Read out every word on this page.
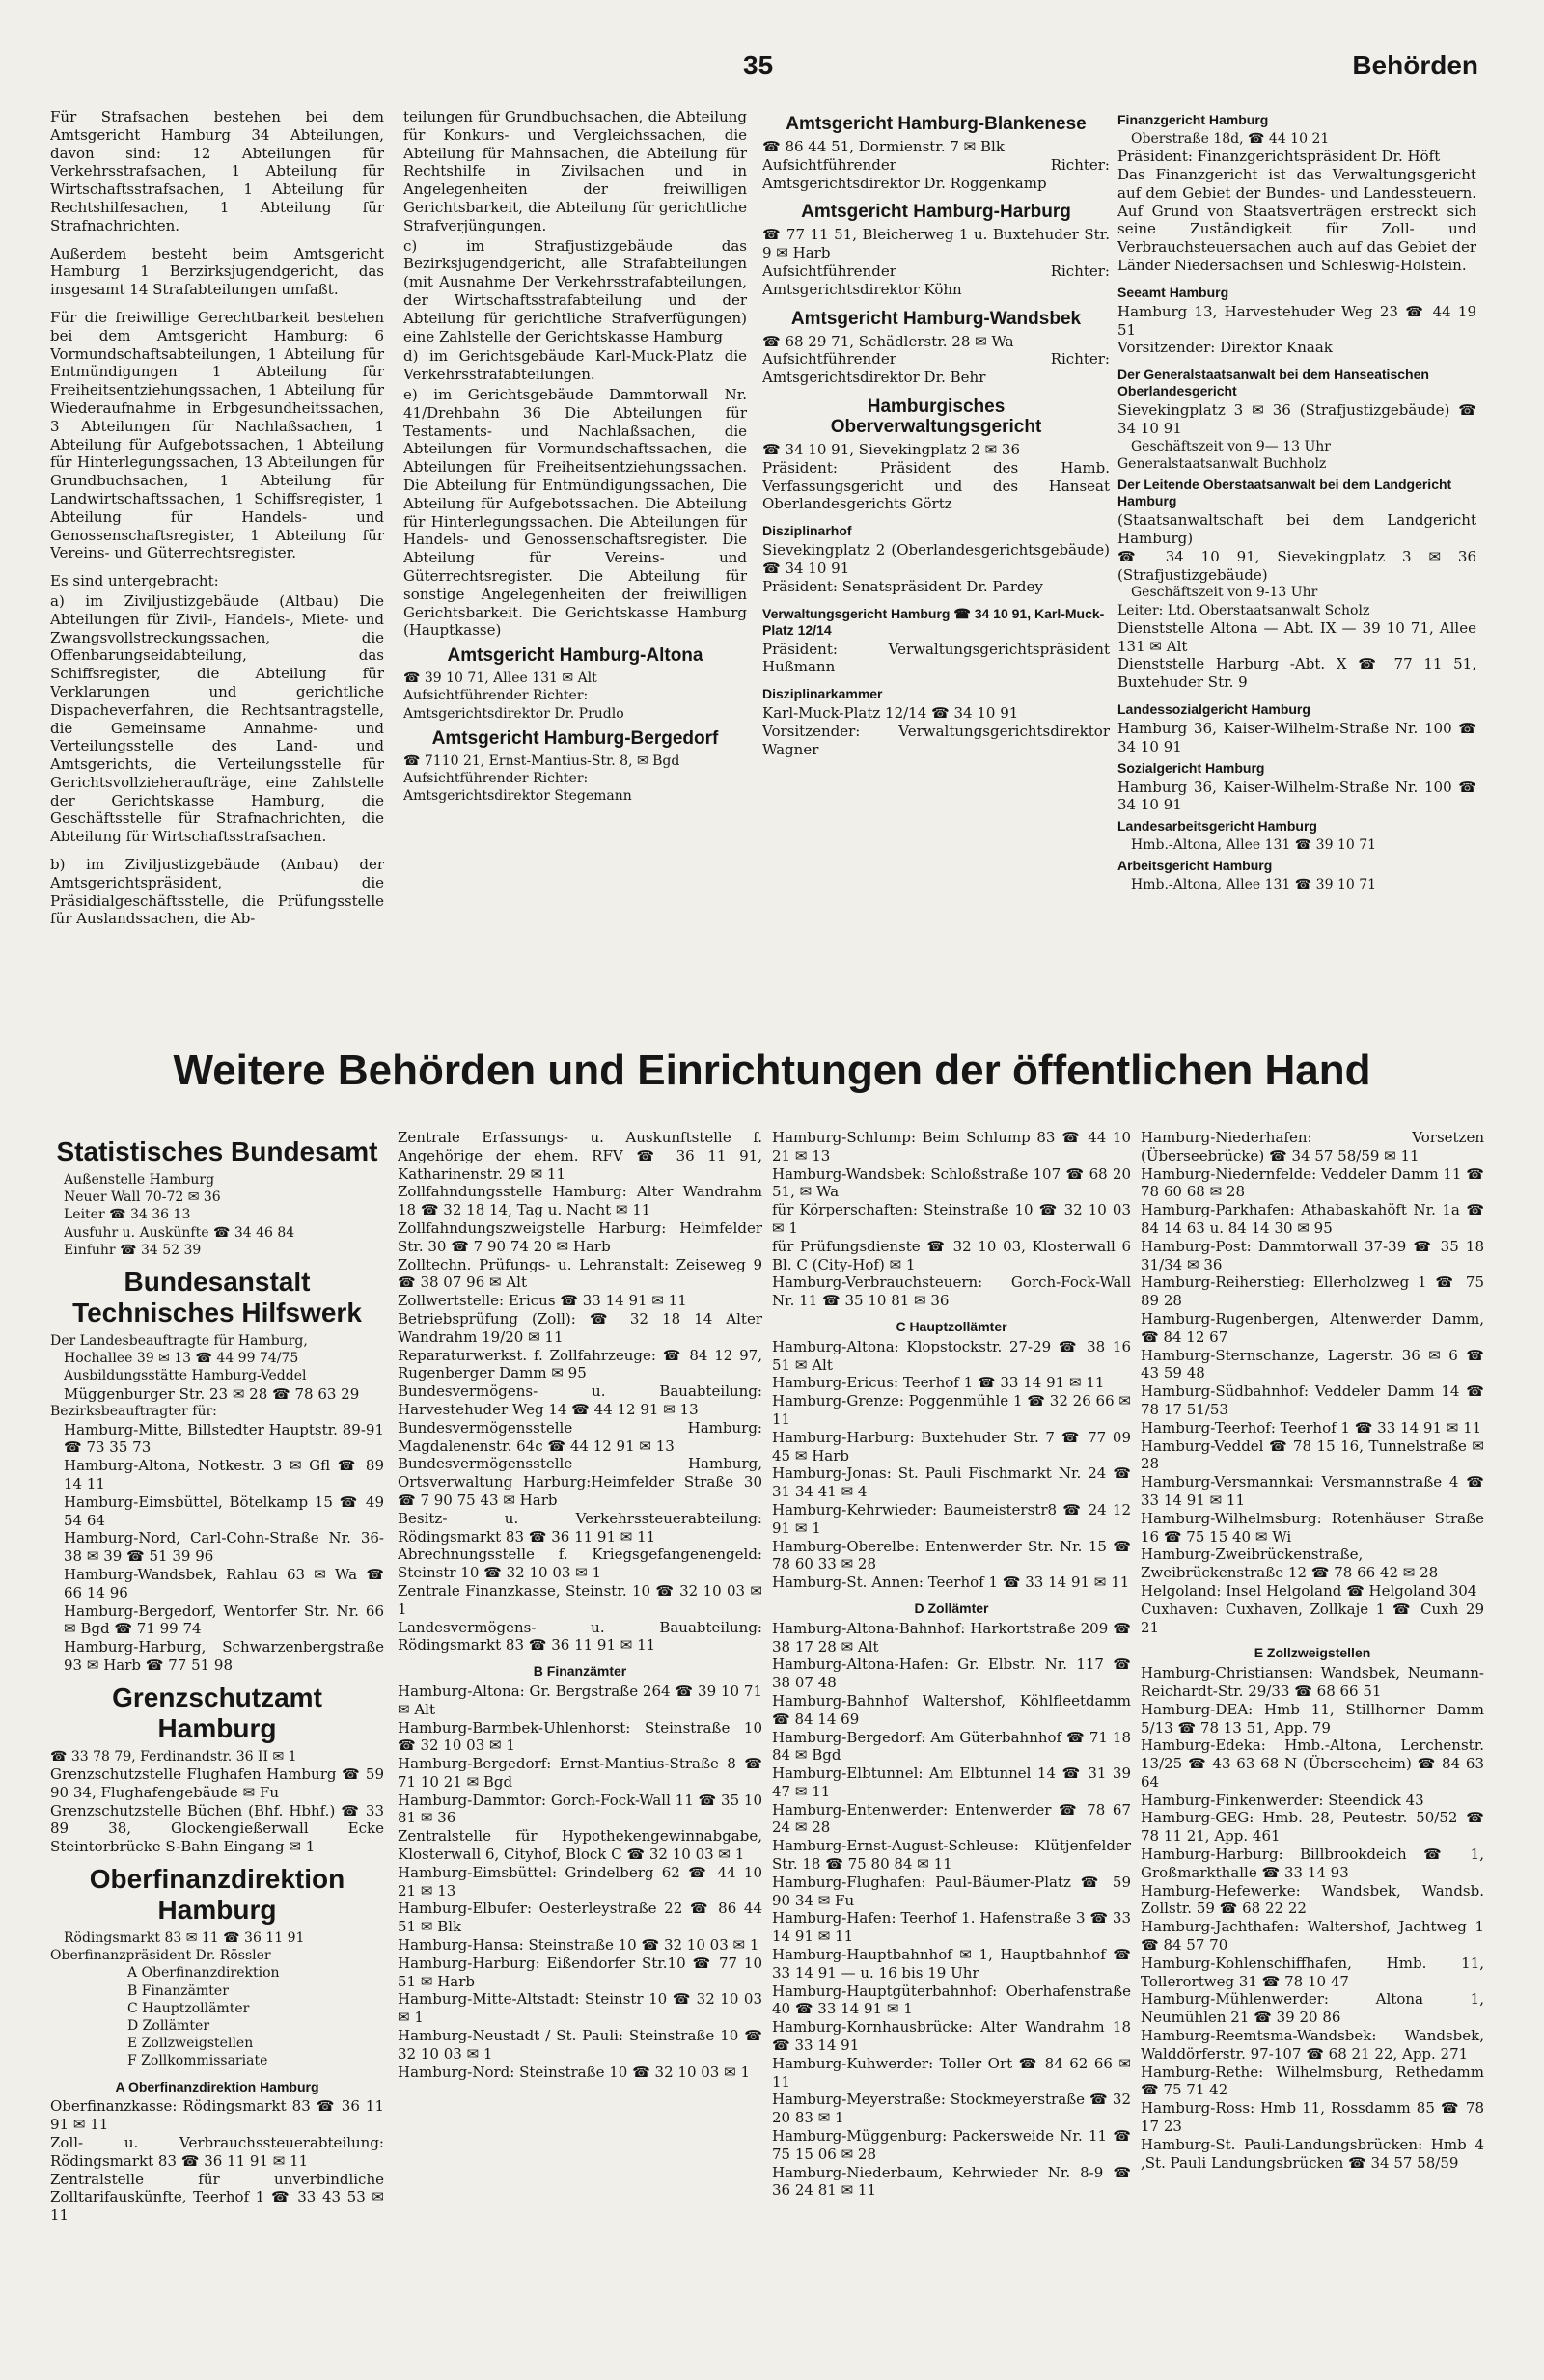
35	Behörden

Für Strafsachen bestehen bei dem Amtsgericht Hamburg 34 Abteilungen, davon sind: 12 Abteilungen für Verkehrsstrafsachen, 1 Abteilung für Wirtschaftsstrafsachen, 1 Abteilung für Rechtshilfesachen, 1 Abteilung für Strafnachrichten.

Außerdem besteht beim Amtsgericht Hamburg 1 Berzirksjugendgericht, das insgesamt 14 Strafabteilungen umfaßt.

Für die freiwillige Gerechtbarkeit bestehen bei dem Amtsgericht Hamburg: 6 Vormundschaftsabteilungen, 1 Abteilung für Entmündigungen 1 Abteilung für Freiheitsentziehungssachen, 1 Abteilung für Wiederaufnahme in Erbgesundheitssachen, 3 Abteilungen für Nachlaßsachen, 1 Abteilung für Aufgebotssachen, 1 Abteilung für Hinterlegungssachen, 13 Abteilungen für Grundbuchsachen, 1 Abteilung für Landwirtschaftssachen, 1 Schiffsregister, 1 Abteilung für Handels- und Genossenschaftsregister, 1 Abteilung für Vereins- und Güterrechtsregister.

Es sind untergebracht:

a) im Ziviljustizgebäude (Altbau) Die Abteilungen für Zivil-, Handels-, Miete- und Zwangsvollstreckungssachen, die Offenbarungseidabteilung, das Schiffsregister, die Abteilung für Verklarungen und gerichtliche Dispacheverfahren, die Rechtsantragstelle, die Gemeinsame Annahme- und Verteilungsstelle des Land- und Amtsgerichts, die Verteilungsstelle für Gerichtsvollzieheraufträge, eine Zahlstelle der Gerichtskasse Hamburg, die Geschäftsstelle für Strafnachrichten, die Abteilung für Wirtschaftsstrafsachen.

b) im Ziviljustizgebäude (Anbau) der Amtsgerichtspräsident, die Präsidialgeschäftsstelle, die Prüfungsstelle für Auslandssachen, die Ab-

teilungen für Grundbuchsachen, die Abteilung für Konkurs- und Vergleichssachen, die Abteilung für Mahnsachen, die Abteilung für Rechtshilfe in Zivilsachen und in Angelegenheiten der freiwilligen Gerichtsbarkeit, die Abteilung für gerichtliche Strafverjüngungen.

c) im Strafjustizgebäude das Bezirksjugendgericht, alle Strafabteilungen (mit Ausnahme Der Verkehrsstrafabteilungen, der Wirtschaftsstrafabteilung und der Abteilung für gerichtliche Strafverfügungen) eine Zahlstelle der Gerichtskasse Hamburg

d) im Gerichtsgebäude Karl-Muck-Platz die Verkehrsstrafabteilungen.

e) im Gerichtsgebäude Dammtorwall Nr. 41/Drehbahn 36 Die Abteilungen für Testaments- und Nachlaßsachen, die Abteilungen für Vormundschaftssachen, die Abteilungen für Freiheitsentziehungssachen. Die Abteilung für Entmündigungssachen, Die Abteilung für Aufgebotssachen. Die Abteilung für Hinterlegungssachen. Die Abteilungen für Handels- und Genossenschaftsregister. Die Abteilung für Vereins- und Güterrechtsregister. Die Abteilung für sonstige Angelegenheiten der freiwilligen Gerichtsbarkeit. Die Gerichtskasse Hamburg (Hauptkasse)

Amtsgericht Hamburg-Altona
☎ 39 10 71, Allee 131 ✉ Alt
Aufsichtführender Richter:
Amtsgerichtsdirektor Dr. Prudlo
Amtsgericht Hamburg-Bergedorf
☎ 7110 21, Ernst-Mantius-Str. 8, ✉ Bgd
Aufsichtführender Richter:
Amtsgerichtsdirektor Stegemann
Amtsgericht Hamburg-Blankenese

☎ 86 44 51, Dormienstr. 7 ✉ Blk

Aufsichtführender Richter: Amtsgerichtsdirektor Dr. Roggenkamp

Amtsgericht Hamburg-Harburg

☎ 77 11 51, Bleicherweg 1 u. Buxtehuder Str. 9 ✉ Harb

Aufsichtführender Richter: Amtsgerichtsdirektor Köhn

Amtsgericht Hamburg-Wandsbek

☎ 68 29 71, Schädlerstr. 28 ✉ Wa

Aufsichtführender Richter: Amtsgerichtsdirektor Dr. Behr

Hamburgisches Oberverwaltungsgericht

☎ 34 10 91, Sievekingplatz 2 ✉ 36

Präsident: Präsident des Hamb. Verfassungsgericht und des Hanseat Oberlandesgerichts Görtz

Disziplinarhof

Sievekingplatz 2 (Oberlandesgerichtsgebäude) ☎ 34 10 91

Präsident: Senatspräsident Dr. Pardey

Verwaltungsgericht Hamburg ☎ 34 10 91, Karl-Muck-Platz 12/14

Präsident: Verwaltungsgerichtspräsident Hußmann

Disziplinarkammer

Karl-Muck-Platz 12/14 ☎ 34 10 91

Vorsitzender: Verwaltungsgerichtsdirektor Wagner

Finanzgericht Hamburg
Oberstraße 18d, ☎ 44 10 21

Präsident: Finanzgerichtspräsident Dr. Höft

Das Finanzgericht ist das Verwaltungsgericht auf dem Gebiet der Bundes- und Landessteuern. Auf Grund von Staatsverträgen erstreckt sich seine Zuständigkeit für Zoll- und Verbrauchsteuersachen auch auf das Gebiet der Länder Niedersachsen und Schleswig-Holstein.

Seeamt Hamburg

Hamburg 13, Harvestehuder Weg 23 ☎ 44 19 51

Vorsitzender: Direktor Knaak

Der Generalstaatsanwalt bei dem Hanseatischen Oberlandesgericht

Sievekingplatz 3 ✉ 36 (Strafjustizgebäude) ☎ 34 10 91

Geschäftszeit von 9— 13 Uhr
Generalstaatsanwalt Buchholz
Der Leitende Oberstaatsanwalt bei dem Landgericht Hamburg

(Staatsanwaltschaft bei dem Landgericht Hamburg)

☎ 34 10 91, Sievekingplatz 3 ✉ 36 (Strafjustizgebäude)

Geschäftszeit von 9-13 Uhr
Leiter: Ltd. Oberstaatsanwalt Scholz

Dienststelle Altona — Abt. IX — 39 10 71, Allee 131 ✉ Alt

Dienststelle Harburg -Abt. X ☎ 77 11 51, Buxtehuder Str. 9

Landessozialgericht Hamburg

Hamburg 36, Kaiser-Wilhelm-Straße Nr. 100 ☎ 34 10 91

Sozialgericht Hamburg

Hamburg 36, Kaiser-Wilhelm-Straße Nr. 100 ☎ 34 10 91

Landesarbeitsgericht Hamburg
Hmb.-Altona, Allee 131 ☎ 39 10 71
Arbeitsgericht Hamburg
Hmb.-Altona, Allee 131 ☎ 39 10 71
Weitere Behörden und Einrichtungen der öffentlichen Hand
Statistisches Bundesamt
Außenstelle Hamburg
Neuer Wall 70-72 ✉ 36
Leiter ☎ 34 36 13
Ausfuhr u. Auskünfte ☎ 34 46 84
Einfuhr ☎ 34 52 39
Bundesanstalt Technisches Hilfswerk
Der Landesbeauftragte für Hamburg,
Hochallee 39 ✉ 13 ☎ 44 99 74/75
Ausbildungsstätte Hamburg-Veddel

Müggenburger Str. 23 ✉ 28 ☎ 78 63 29

Bezirksbeauftragter für:

Hamburg-Mitte, Billstedter Hauptstr. 89-91 ☎ 73 35 73

Hamburg-Altona, Notkestr. 3 ✉ Gfl ☎ 89 14 11

Hamburg-Eimsbüttel, Bötelkamp 15 ☎ 49 54 64

Hamburg-Nord, Carl-Cohn-Straße Nr. 36-38 ✉ 39 ☎ 51 39 96

Hamburg-Wandsbek, Rahlau 63 ✉ Wa ☎ 66 14 96

Hamburg-Bergedorf, Wentorfer Str. Nr. 66 ✉ Bgd ☎ 71 99 74

Hamburg-Harburg, Schwarzenbergstraße 93 ✉ Harb ☎ 77 51 98

Grenzschutzamt Hamburg
☎ 33 78 79, Ferdinandstr. 36 II ✉ 1

Grenzschutzstelle Flughafen Hamburg ☎ 59 90 34, Flughafengebäude ✉ Fu

Grenzschutzstelle Büchen (Bhf. Hbhf.) ☎ 33 89 38, Glockengießerwall Ecke Steintorbrücke S-Bahn Eingang ✉ 1

Oberfinanzdirektion Hamburg
Rödingsmarkt 83 ✉ 11 ☎ 36 11 91
Oberfinanzpräsident Dr. Rössler
A Oberfinanzdirektion
B Finanzämter
C Hauptzollämter
D Zollämter
E Zollzweigstellen
F Zollkommissariate
A Oberfinanzdirektion Hamburg

Oberfinanzkasse: Rödingsmarkt 83 ☎ 36 11 91 ✉ 11

Zoll- u. Verbrauchssteuerabteilung: Rödingsmarkt 83 ☎ 36 11 91 ✉ 11

Zentralstelle für unverbindliche Zolltarifauskünfte, Teerhof 1 ☎ 33 43 53 ✉ 11

Zentrale Erfassungs- u. Auskunftstelle f. Angehörige der ehem. RFV ☎ 36 11 91, Katharinenstr. 29 ✉ 11

Zollfahndungsstelle Hamburg: Alter Wandrahm 18 ☎ 32 18 14, Tag u. Nacht ✉ 11

Zollfahndungszweigstelle Harburg: Heimfelder Str. 30 ☎ 7 90 74 20 ✉ Harb

Zolltechn. Prüfungs- u. Lehranstalt: Zeiseweg 9 ☎ 38 07 96 ✉ Alt

Zollwertstelle: Ericus ☎ 33 14 91 ✉ 11

Betriebsprüfung (Zoll): ☎ 32 18 14 Alter Wandrahm 19/20 ✉ 11

Reparaturwerkst. f. Zollfahrzeuge: ☎ 84 12 97, Rugenberger Damm ✉ 95

Bundesvermögens- u. Bauabteilung: Harvestehuder Weg 14 ☎ 44 12 91 ✉ 13

Bundesvermögensstelle Hamburg: Magdalenenstr. 64c ☎ 44 12 91 ✉ 13

Bundesvermögensstelle Hamburg, Ortsverwaltung Harburg:Heimfelder Straße 30 ☎ 7 90 75 43 ✉ Harb

Besitz- u. Verkehrssteuerabteilung: Rödingsmarkt 83 ☎ 36 11 91 ✉ 11

Abrechnungsstelle f. Kriegsgefangenengeld: Steinstr 10 ☎ 32 10 03 ✉ 1

Zentrale Finanzkasse, Steinstr. 10 ☎ 32 10 03 ✉ 1

Landesvermögens- u. Bauabteilung: Rödingsmarkt 83 ☎ 36 11 91 ✉ 11

B Finanzämter

Hamburg-Altona: Gr. Bergstraße 264 ☎ 39 10 71 ✉ Alt

Hamburg-Barmbek-Uhlenhorst: Steinstraße 10 ☎ 32 10 03 ✉ 1

Hamburg-Bergedorf: Ernst-Mantius-Straße 8 ☎ 71 10 21 ✉ Bgd

Hamburg-Dammtor: Gorch-Fock-Wall 11 ☎ 35 10 81 ✉ 36

Zentralstelle für Hypothekengewinnabgabe, Klosterwall 6, Cityhof, Block C ☎ 32 10 03 ✉ 1

Hamburg-Eimsbüttel: Grindelberg 62 ☎ 44 10 21 ✉ 13

Hamburg-Elbufer: Oesterleystraße 22 ☎ 86 44 51 ✉ Blk

Hamburg-Hansa: Steinstraße 10 ☎ 32 10 03 ✉ 1

Hamburg-Harburg: Eißendorfer Str.10 ☎ 77 10 51 ✉ Harb

Hamburg-Mitte-Altstadt: Steinstr 10 ☎ 32 10 03 ✉ 1

Hamburg-Neustadt / St. Pauli: Steinstraße 10 ☎ 32 10 03 ✉ 1

Hamburg-Nord: Steinstraße 10 ☎ 32 10 03 ✉ 1

Hamburg-Schlump: Beim Schlump 83 ☎ 44 10 21 ✉ 13

Hamburg-Wandsbek: Schloßstraße 107 ☎ 68 20 51, ✉ Wa

für Körperschaften: Steinstraße 10 ☎ 32 10 03 ✉ 1

für Prüfungsdienste ☎ 32 10 03, Klosterwall 6 Bl. C (City-Hof) ✉ 1

Hamburg-Verbrauchsteuern: Gorch-Fock-Wall Nr. 11 ☎ 35 10 81 ✉ 36

C Hauptzollämter

Hamburg-Altona: Klopstockstr. 27-29 ☎ 38 16 51 ✉ Alt

Hamburg-Ericus: Teerhof 1 ☎ 33 14 91 ✉ 11

Hamburg-Grenze: Poggenmühle 1 ☎ 32 26 66 ✉ 11

Hamburg-Harburg: Buxtehuder Str. 7 ☎ 77 09 45 ✉ Harb

Hamburg-Jonas: St. Pauli Fischmarkt Nr. 24 ☎ 31 34 41 ✉ 4

Hamburg-Kehrwieder: Baumeisterstr8 ☎ 24 12 91 ✉ 1

Hamburg-Oberelbe: Entenwerder Str. Nr. 15 ☎ 78 60 33 ✉ 28

Hamburg-St. Annen: Teerhof 1 ☎ 33 14 91 ✉ 11

D Zollämter

Hamburg-Altona-Bahnhof: Harkortstraße 209 ☎ 38 17 28 ✉ Alt

Hamburg-Altona-Hafen: Gr. Elbstr. Nr. 117 ☎ 38 07 48

Hamburg-Bahnhof Waltershof, Köhlfleetdamm ☎ 84 14 69

Hamburg-Bergedorf: Am Güterbahnhof ☎ 71 18 84 ✉ Bgd

Hamburg-Elbtunnel: Am Elbtunnel 14 ☎ 31 39 47 ✉ 11

Hamburg-Entenwerder: Entenwerder ☎ 78 67 24 ✉ 28

Hamburg-Ernst-August-Schleuse: Klütjenfelder Str. 18 ☎ 75 80 84 ✉ 11

Hamburg-Flughafen: Paul-Bäumer-Platz ☎ 59 90 34 ✉ Fu

Hamburg-Hafen: Teerhof 1. Hafenstraße 3 ☎ 33 14 91 ✉ 11

Hamburg-Hauptbahnhof ✉ 1, Hauptbahnhof ☎ 33 14 91 — u. 16 bis 19 Uhr

Hamburg-Hauptgüterbahnhof: Oberhafenstraße 40 ☎ 33 14 91 ✉ 1

Hamburg-Kornhausbrücke: Alter Wandrahm 18 ☎ 33 14 91

Hamburg-Kuhwerder: Toller Ort ☎ 84 62 66 ✉ 11

Hamburg-Meyerstraße: Stockmeyerstraße ☎ 32 20 83 ✉ 1

Hamburg-Müggenburg: Packersweide Nr. 11 ☎ 75 15 06 ✉ 28

Hamburg-Niederbaum, Kehrwieder Nr. 8-9 ☎ 36 24 81 ✉ 11

Hamburg-Niederhafen: Vorsetzen (Überseebrücke) ☎ 34 57 58/59 ✉ 11

Hamburg-Niedernfelde: Veddeler Damm 11 ☎ 78 60 68 ✉ 28

Hamburg-Parkhafen: Athabaskahöft Nr. 1a ☎ 84 14 63 u. 84 14 30 ✉ 95

Hamburg-Post: Dammtorwall 37-39 ☎ 35 18 31/34 ✉ 36

Hamburg-Reiherstieg: Ellerholzweg 1 ☎ 75 89 28

Hamburg-Rugenbergen, Altenwerder Damm, ☎ 84 12 67

Hamburg-Sternschanze, Lagerstr. 36 ✉ 6 ☎ 43 59 48

Hamburg-Südbahnhof: Veddeler Damm 14 ☎ 78 17 51/53

Hamburg-Teerhof: Teerhof 1 ☎ 33 14 91 ✉ 11

Hamburg-Veddel ☎ 78 15 16, Tunnelstraße ✉ 28

Hamburg-Versmannkai: Versmannstraße 4 ☎ 33 14 91 ✉ 11

Hamburg-Wilhelmsburg: Rotenhäuser Straße 16 ☎ 75 15 40 ✉ Wi

Hamburg-Zweibrückenstraße, Zweibrückenstraße 12 ☎ 78 66 42 ✉ 28

Helgoland: Insel Helgoland ☎ Helgoland 304

Cuxhaven: Cuxhaven, Zollkaje 1 ☎ Cuxh 29 21

E Zollzweigstellen

Hamburg-Christiansen: Wandsbek, Neumann-Reichardt-Str. 29/33 ☎ 68 66 51

Hamburg-DEA: Hmb 11, Stillhorner Damm 5/13 ☎ 78 13 51, App. 79

Hamburg-Edeka: Hmb.-Altona, Lerchenstr. 13/25 ☎ 43 63 68 N (Überseeheim) ☎ 84 63 64

Hamburg-Finkenwerder: Steendick 43

Hamburg-GEG: Hmb. 28, Peutestr. 50/52 ☎ 78 11 21, App. 461

Hamburg-Harburg: Billbrookdeich ☎ 1, Großmarkthalle ☎ 33 14 93

Hamburg-Hefewerke: Wandsbek, Wandsb. Zollstr. 59 ☎ 68 22 22

Hamburg-Jachthafen: Waltershof, Jachtweg 1 ☎ 84 57 70

Hamburg-Kohlenschiffhafen, Hmb. 11, Tollerortweg 31 ☎ 78 10 47

Hamburg-Mühlenwerder: Altona 1, Neumühlen 21 ☎ 39 20 86

Hamburg-Reemtsma-Wandsbek: Wandsbek, Walddörferstr. 97-107 ☎ 68 21 22, App. 271

Hamburg-Rethe: Wilhelmsburg, Rethedamm ☎ 75 71 42

Hamburg-Ross: Hmb 11, Rossdamm 85 ☎ 78 17 23

Hamburg-St. Pauli-Landungsbrücken: Hmb 4 ,St. Pauli Landungsbrücken ☎ 34 57 58/59
